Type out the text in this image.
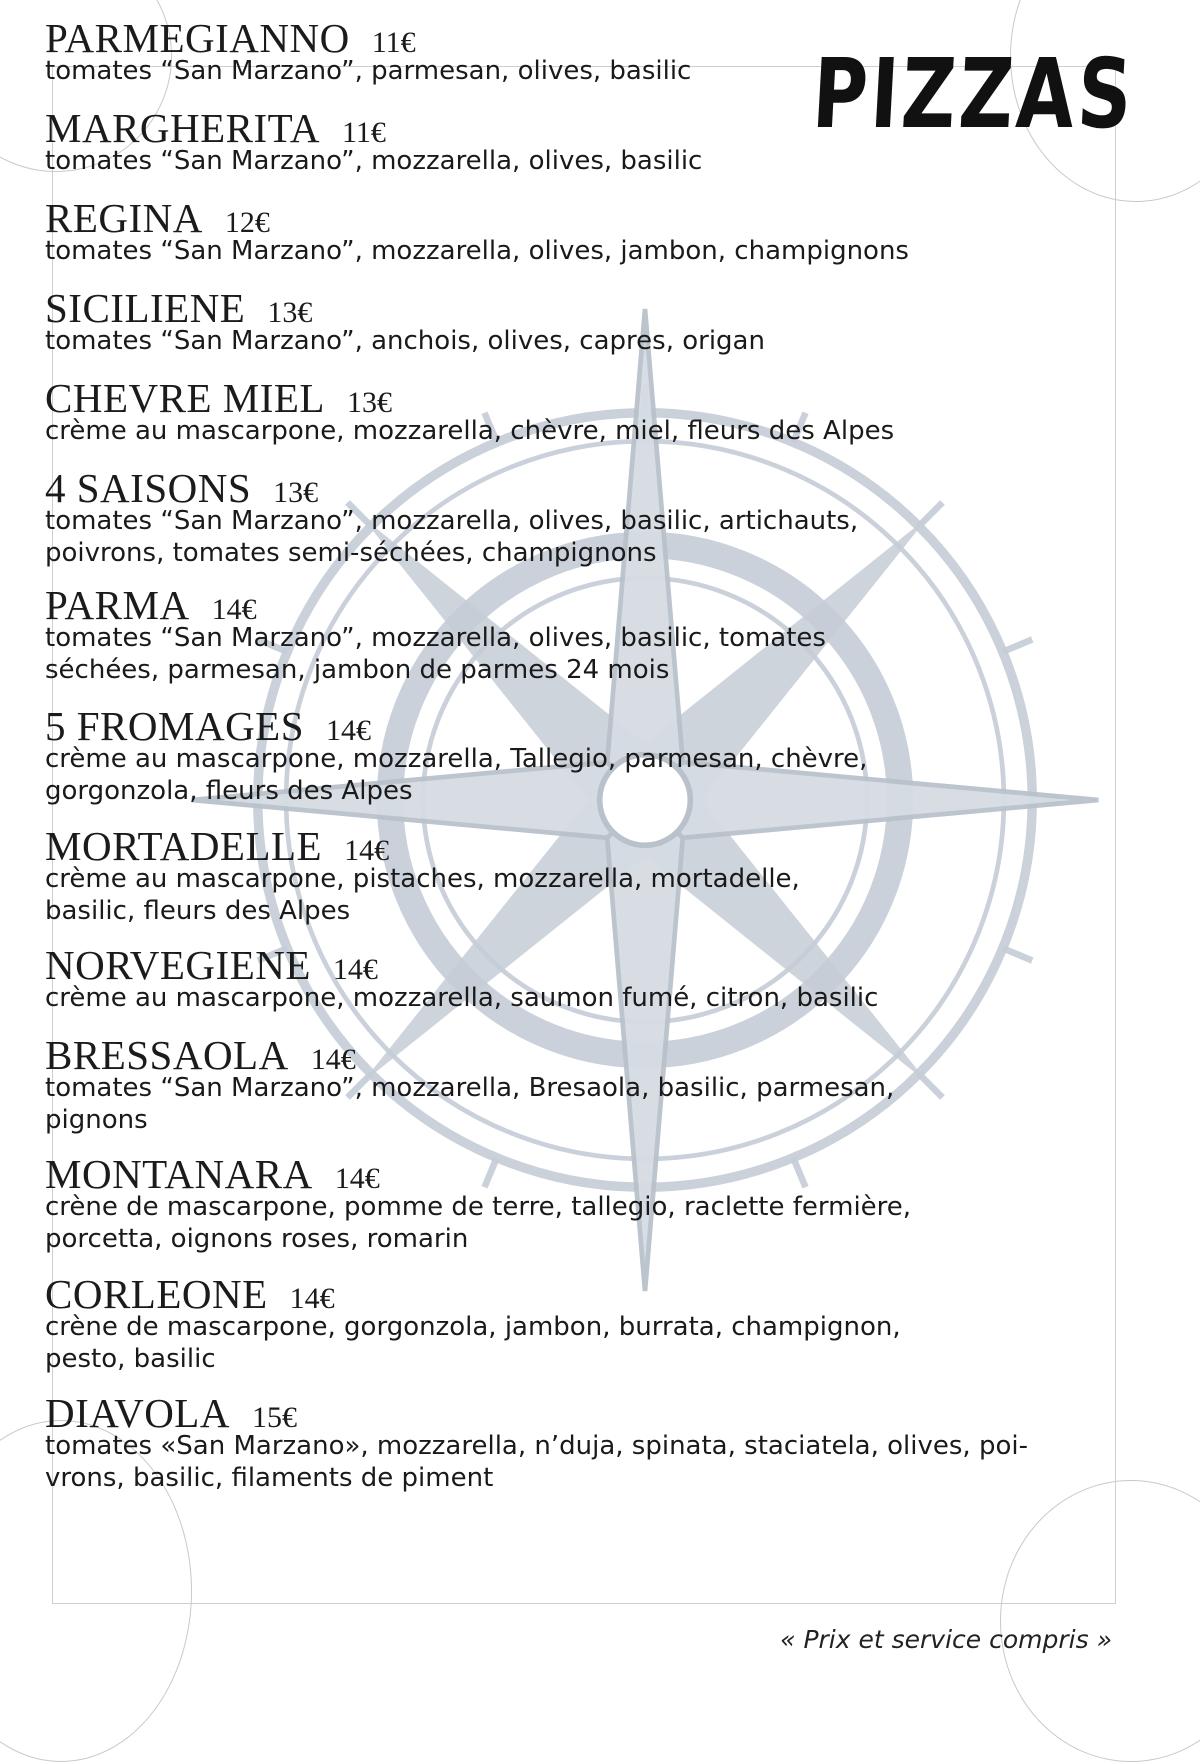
PIZZAS
PARMEGIANNO 11€
tomates “San Marzano”, parmesan, olives, basilic
MARGHERITA 11€
tomates “San Marzano”, mozzarella, olives, basilic
REGINA 12€
tomates “San Marzano”, mozzarella, olives, jambon, champignons
SICILIENE 13€
tomates “San Marzano”, anchois, olives, capres, origan
CHEVRE MIEL 13€
crème au mascarpone, mozzarella, chèvre, miel, fleurs des Alpes
4 SAISONS 13€
tomates “San Marzano”, mozzarella, olives, basilic, artichauts,
poivrons, tomates semi-séchées, champignons
PARMA 14€
tomates “San Marzano”, mozzarella, olives, basilic, tomates
séchées, parmesan, jambon de parmes 24 mois
5 FROMAGES 14€
crème au mascarpone, mozzarella, Tallegio, parmesan, chèvre,
gorgonzola, fleurs des Alpes
MORTADELLE 14€
crème au mascarpone, pistaches, mozzarella, mortadelle,
basilic, fleurs des Alpes
NORVEGIENE 14€
crème au mascarpone, mozzarella, saumon fumé, citron, basilic
BRESSAOLA 14€
tomates “San Marzano”, mozzarella, Bresaola, basilic, parmesan,
pignons
MONTANARA 14€
crène de mascarpone, pomme de terre, tallegio, raclette fermière,
porcetta, oignons roses, romarin
CORLEONE 14€
crène de mascarpone, gorgonzola, jambon, burrata, champignon,
pesto, basilic
DIAVOLA 15€
tomates «San Marzano», mozzarella, n’duja, spinata, staciatela, olives, poi-
vrons, basilic, filaments de piment
« Prix et service compris »
